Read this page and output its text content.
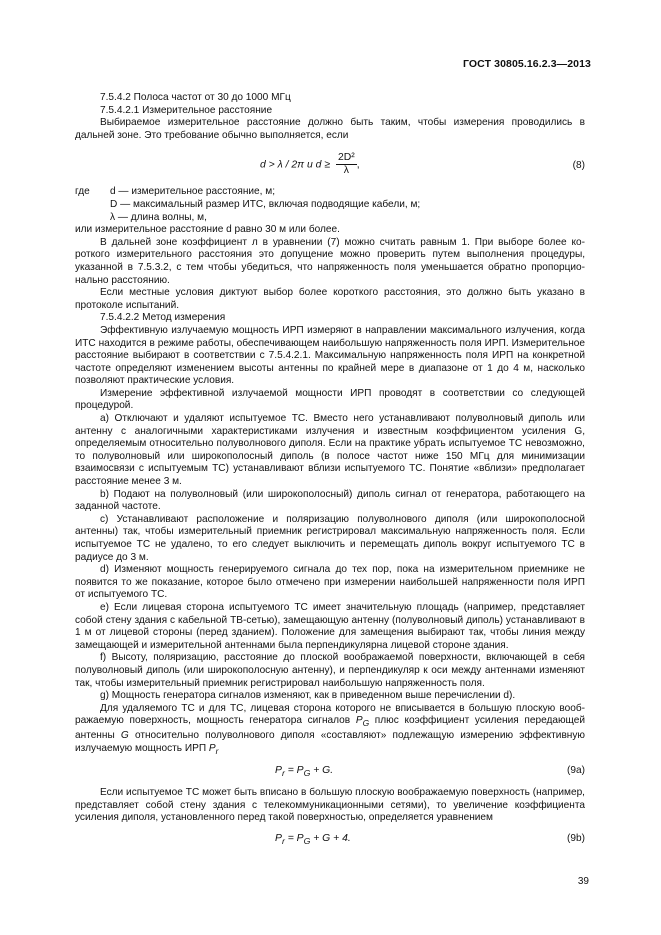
ГОСТ 30805.16.2.3—2013

7.5.4.2 Полоса частот от 30 до 1000 МГц

7.5.4.2.1 Измерительное расстояние

Выбираемое измерительное расстояние должно быть таким, чтобы измерения проводились в дальней зоне. Это требование обычно выполняется, если

d > λ / 2π и $d \ge \frac{\text{2D²}}{\lambda}$ ,	(8)
где d — измерительное расстояние, м;
D — максимальный размер ИТС, включая подводящие кабели, м;
λ — длина волны, м,
или измерительное расстояние d равно 30 м или более.

В дальней зоне коэффициент л в уравнении (7) можно считать равным 1. При выборе более короткого измерительного расстояния это допущение можно проверить путем выполнения процедуры, указанной в 7.5.3.2, с тем чтобы убедиться, что напряженность поля уменьшается обратно пропорционально расстоянию.

Если местные условия диктуют выбор более короткого расстояния, это должно быть указано в протоколе испытаний.

7.5.4.2.2 Метод измерения

Эффективную излучаемую мощность ИРП измеряют в направлении максимального излучения, когда ИТС находится в режиме работы, обеспечивающем наибольшую напряженность поля ИРП. Измерительное расстояние выбирают в соответствии с 7.5.4.2.1. Максимальную напряженность поля ИРП на конкретной частоте определяют изменением высоты антенны по крайней мере в диапазоне от 1 до 4 м, насколько позволяют практические условия.

Измерение эффективной излучаемой мощности ИРП проводят в соответствии со следующей процедурой.

а) Отключают и удаляют испытуемое ТС. Вместо него устанавливают полуволновый диполь или антенну с аналогичными характеристиками излучения и известным коэффициентом усиления G, определяемым относительно полуволнового диполя. Если на практике убрать испытуемое ТС невозможно, то полуволновый или широкополосный диполь (в полосе частот ниже 150 МГц для минимизации взаимосвязи с испытуемым ТС) устанавливают вблизи испытуемого ТС. Понятие «вблизи» предполагает расстояние менее 3 м.

b) Подают на полуволновый (или широкополосный) диполь сигнал от генератора, работающего на заданной частоте.

c) Устанавливают расположение и поляризацию полуволнового диполя (или широкополосной антенны) так, чтобы измерительный приемник регистрировал максимальную напряженность поля. Если испытуемое ТС не удалено, то его следует выключить и перемещать диполь вокруг испытуемого ТС в радиусе до 3 м.

d) Изменяют мощность генерируемого сигнала до тех пор, пока на измерительном приемнике не появится то же показание, которое было отмечено при измерении наибольшей напряженности поля ИРП от испытуемого ТС.

e) Если лицевая сторона испытуемого ТС имеет значительную площадь (например, представляет собой стену здания с кабельной ТВ-сетью), замещающую антенну (полуволновый диполь) устанавливают в 1 м от лицевой стороны (перед зданием). Положение для замещения выбирают так, чтобы линия между замещающей и измерительной антеннами была перпендикулярна лицевой стороне здания.

f) Высоту, поляризацию, расстояние до плоской воображаемой поверхности, включающей в себя полуволновый диполь (или широкополосную антенну), и перпендикуляр к оси между антеннами изменяют так, чтобы измерительный приемник регистрировал наибольшую напряженность поля.

g) Мощность генератора сигналов изменяют, как в приведенном выше перечислении d).

Для удаляемого ТС и для ТС, лицевая сторона которого не вписывается в большую плоскую воображаемую поверхность, мощность генератора сигналов $P_G$ плюс коэффициент усиления передающей антенны G относительно полуволнового диполя «составляют» подлежащую измерению эффективную излучаемую мощность ИРП $P_r$

$P_r = P_G + G$.	(9a)

Если испытуемое ТС может быть вписано в большую плоскую воображаемую поверхность (например, представляет собой стену здания с телекоммуникационными сетями), то увеличение коэффициента усиления диполя, установленного перед такой поверхностью, определяется уравнением

$P_r = P_G + G + 4$.	(9b)
39
